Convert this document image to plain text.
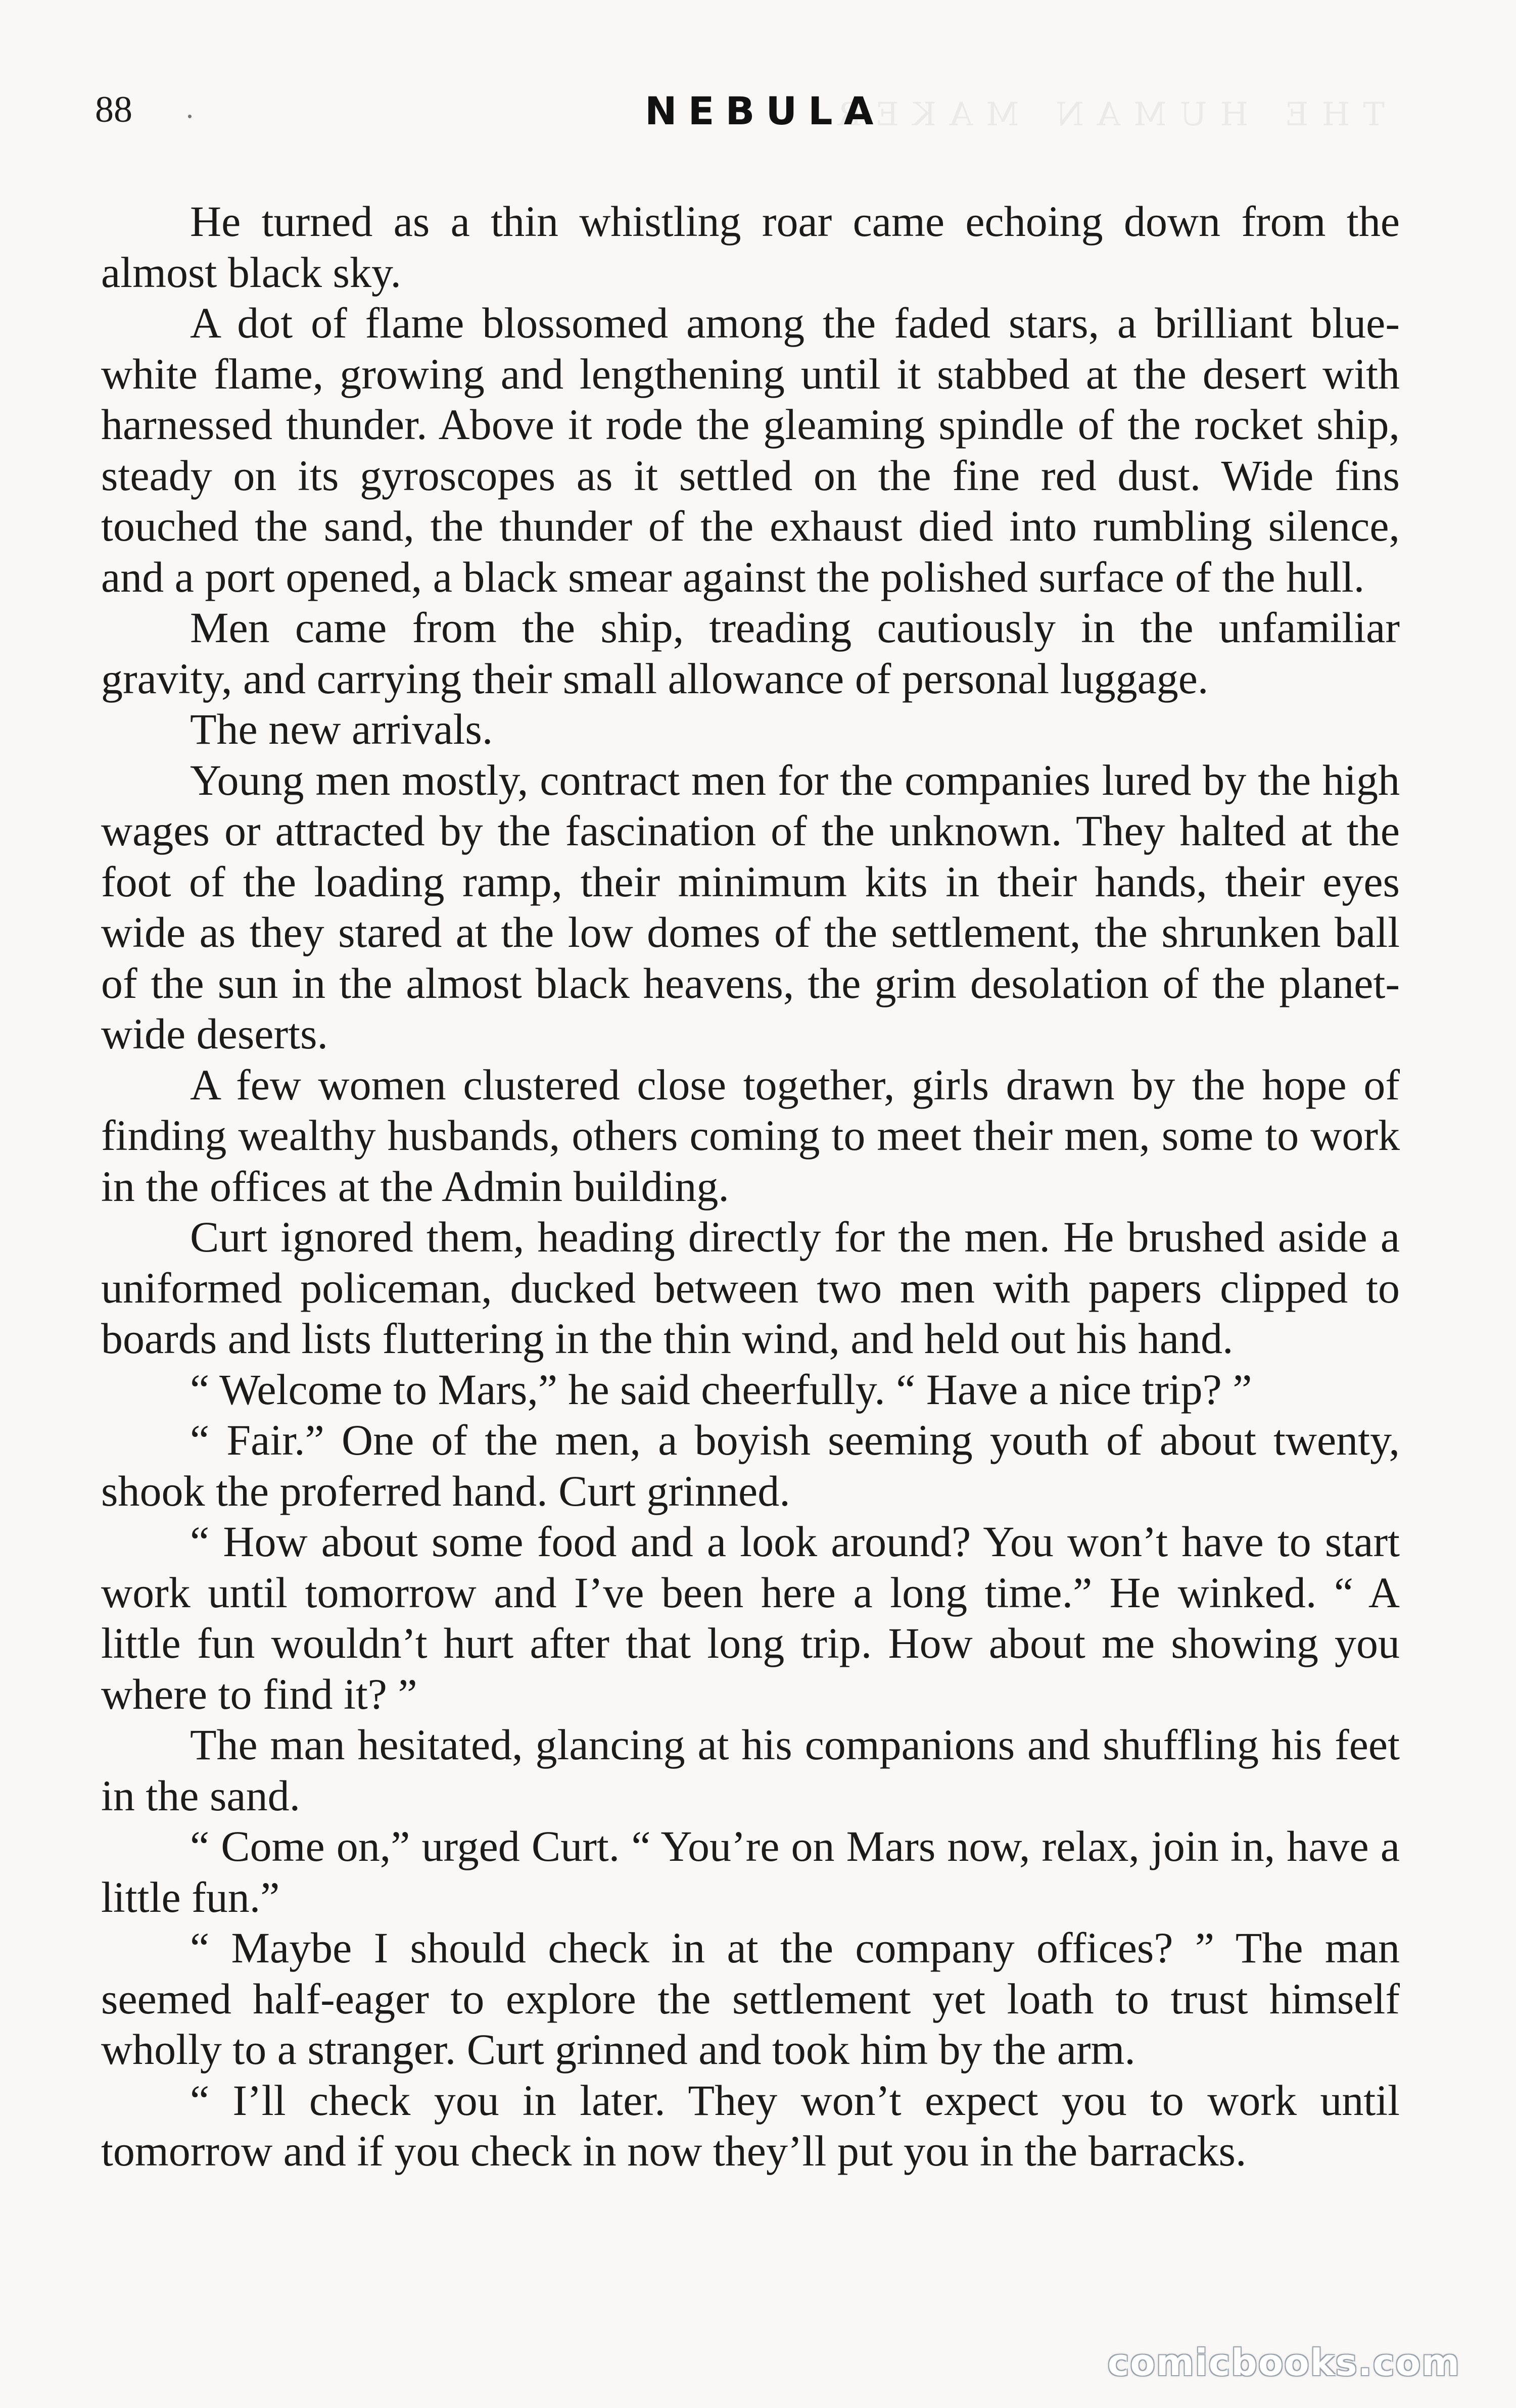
THE HUMAN MAKER
88 .	NEBULA

He turned as a thin whistling roar came echoing down from the almost black sky.

A dot of flame blossomed among the faded stars, a brilliant blue-white flame, growing and lengthening until it stabbed at the desert with harnessed thunder. Above it rode the gleaming spindle of the rocket ship, steady on its gyroscopes as it settled on the fine red dust. Wide fins touched the sand, the thunder of the exhaust died into rumbling silence, and a port opened, a black smear against the polished surface of the hull.

Men came from the ship, treading cautiously in the unfamiliar gravity, and carrying their small allowance of personal luggage.

The new arrivals.

Young men mostly, contract men for the companies lured by the high wages or attracted by the fascination of the unknown. They halted at the foot of the loading ramp, their minimum kits in their hands, their eyes wide as they stared at the low domes of the settlement, the shrunken ball of the sun in the almost black heavens, the grim desolation of the planet-wide deserts.

A few women clustered close together, girls drawn by the hope of finding wealthy husbands, others coming to meet their men, some to work in the offices at the Admin building.

Curt ignored them, heading directly for the men. He brushed aside a uniformed policeman, ducked between two men with papers clipped to boards and lists fluttering in the thin wind, and held out his hand.

“ Welcome to Mars,” he said cheerfully. “ Have a nice trip? ”

“ Fair.” One of the men, a boyish seeming youth of about twenty, shook the proferred hand. Curt grinned.

“ How about some food and a look around? You won’t have to start work until tomorrow and I’ve been here a long time.” He winked. “ A little fun wouldn’t hurt after that long trip. How about me showing you where to find it? ”

The man hesitated, glancing at his companions and shuffling his feet in the sand.

“ Come on,” urged Curt. “ You’re on Mars now, relax, join in, have a little fun.”

“ Maybe I should check in at the company offices? ” The man seemed half-eager to explore the settlement yet loath to trust himself wholly to a stranger. Curt grinned and took him by the arm.

“ I’ll check you in later. They won’t expect you to work until tomorrow and if you check in now they’ll put you in the barracks.

comicbooks.com
